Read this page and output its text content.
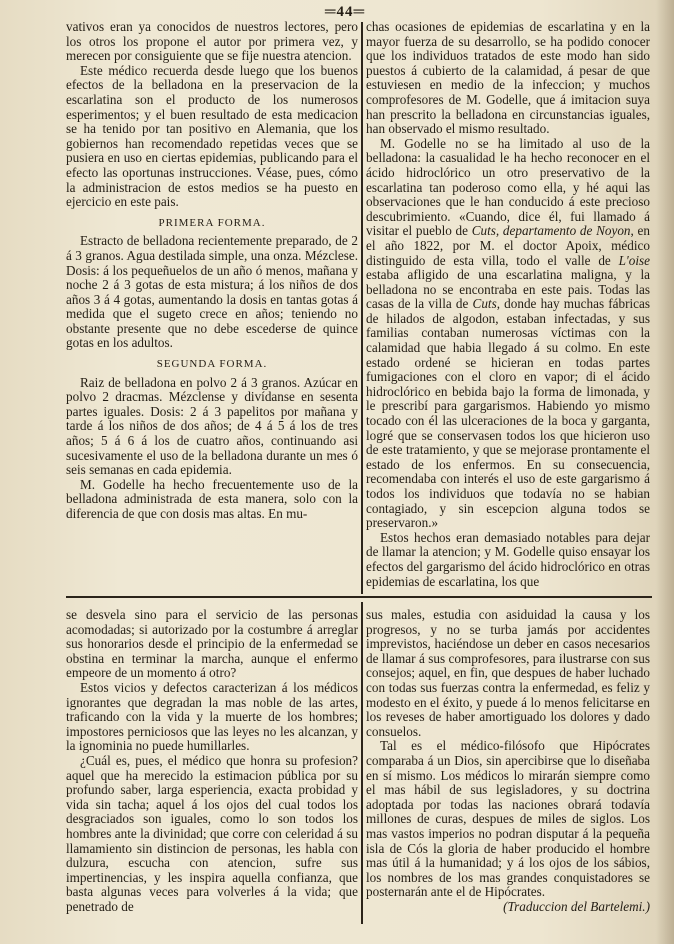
═44═

vativos eran ya conocidos de nuestros lectores, pero los otros los propone el autor por primera vez, y merecen por consiguiente que se fije nuestra atencion.

Este médico recuerda desde luego que los buenos efectos de la belladona en la preservacion de la escarlatina son el producto de los numerosos esperimentos; y el buen resultado de esta medicacion se ha tenido por tan positivo en Alemania, que los gobiernos han recomendado repetidas veces que se pusiera en uso en ciertas epidemias, publicando para el efecto las oportunas instrucciones. Véase, pues, cómo la administracion de estos medios se ha puesto en ejercicio en este pais.

PRIMERA FORMA.

Estracto de belladona recientemente preparado, de 2 á 3 granos. Agua destilada simple, una onza. Mézclese. Dosis: á los pequeñuelos de un año ó menos, mañana y noche 2 á 3 gotas de esta mistura; á los niños de dos años 3 á 4 gotas, aumentando la dosis en tantas gotas á medida que el sugeto crece en años; teniendo no obstante presente que no debe escederse de quince gotas en los adultos.

SEGUNDA FORMA.

Raiz de belladona en polvo 2 á 3 granos. Azúcar en polvo 2 dracmas. Mézclense y divídanse en sesenta partes iguales. Dosis: 2 á 3 papelitos por mañana y tarde á los niños de dos años; de 4 á 5 á los de tres años; 5 á 6 á los de cuatro años, continuando asi sucesivamente el uso de la belladona durante un mes ó seis semanas en cada epidemia.

M. Godelle ha hecho frecuentemente uso de la belladona administrada de esta manera, solo con la diferencia de que con dosis mas altas. En mu-

chas ocasiones de epidemias de escarlatina y en la mayor fuerza de su desarrollo, se ha podido conocer que los individuos tratados de este modo han sido puestos á cubierto de la calamidad, á pesar de que estuviesen en medio de la infeccion; y muchos comprofesores de M. Godelle, que á imitacion suya han prescrito la belladona en circunstancias iguales, han observado el mismo resultado.

M. Godelle no se ha limitado al uso de la belladona: la casualidad le ha hecho reconocer en el ácido hidroclórico un otro preservativo de la escarlatina tan poderoso como ella, y hé aqui las observaciones que le han conducido á este precioso descubrimiento. «Cuando, dice él, fui llamado á visitar el pueblo de Cuts, departamento de Noyon, en el año 1822, por M. el doctor Apoix, médico distinguido de esta villa, todo el valle de L'oise estaba afligido de una escarlatina maligna, y la belladona no se encontraba en este pais. Todas las casas de la villa de Cuts, donde hay muchas fábricas de hilados de algodon, estaban infectadas, y sus familias contaban numerosas víctimas con la calamidad que habia llegado á su colmo. En este estado ordené se hicieran en todas partes fumigaciones con el cloro en vapor; di el ácido hidroclórico en bebida bajo la forma de limonada, y le prescribí para gargarismos. Habiendo yo mismo tocado con él las ulceraciones de la boca y garganta, logré que se conservasen todos los que hicieron uso de este tratamiento, y que se mejorase prontamente el estado de los enfermos. En su consecuencia, recomendaba con interés el uso de este gargarismo á todos los individuos que todavía no se habian contagiado, y sin escepcion alguna todos se preservaron.»

Estos hechos eran demasiado notables para dejar de llamar la atencion; y M. Godelle quiso ensayar los efectos del gargarismo del ácido hidroclórico en otras epidemias de escarlatina, los que

se desvela sino para el servicio de las personas acomodadas; si autorizado por la costumbre á arreglar sus honorarios desde el principio de la enfermedad se obstina en terminar la marcha, aunque el enfermo empeore de un momento á otro?

Estos vicios y defectos caracterizan á los médicos ignorantes que degradan la mas noble de las artes, traficando con la vida y la muerte de los hombres; impostores perniciosos que las leyes no les alcanzan, y la ignominia no puede humillarles.

¿Cuál es, pues, el médico que honra su profesion? aquel que ha merecido la estimacion pública por su profundo saber, larga esperiencia, exacta probidad y vida sin tacha; aquel á los ojos del cual todos los desgraciados son iguales, como lo son todos los hombres ante la divinidad; que corre con celeridad á su llamamiento sin distincion de personas, les habla con dulzura, escucha con atencion, sufre sus impertinencias, y les inspira aquella confianza, que basta algunas veces para volverles á la vida; que penetrado de

sus males, estudia con asiduidad la causa y los progresos, y no se turba jamás por accidentes imprevistos, haciéndose un deber en casos necesarios de llamar á sus comprofesores, para ilustrarse con sus consejos; aquel, en fin, que despues de haber luchado con todas sus fuerzas contra la enfermedad, es feliz y modesto en el éxito, y puede á lo menos felicitarse en los reveses de haber amortiguado los dolores y dado consuelos.

Tal es el médico-filósofo que Hipócrates comparaba á un Dios, sin apercibirse que lo diseñaba en sí mismo. Los médicos lo mirarán siempre como el mas hábil de sus legisladores, y su doctrina adoptada por todas las naciones obrará todavía millones de curas, despues de miles de siglos. Los mas vastos imperios no podran disputar á la pequeña isla de Cós la gloria de haber producido el hombre mas útil á la humanidad; y á los ojos de los sábios, los nombres de los mas grandes conquistadores se posternarán ante el de Hipócrates.

(Traduccion del Bartelemi.)
